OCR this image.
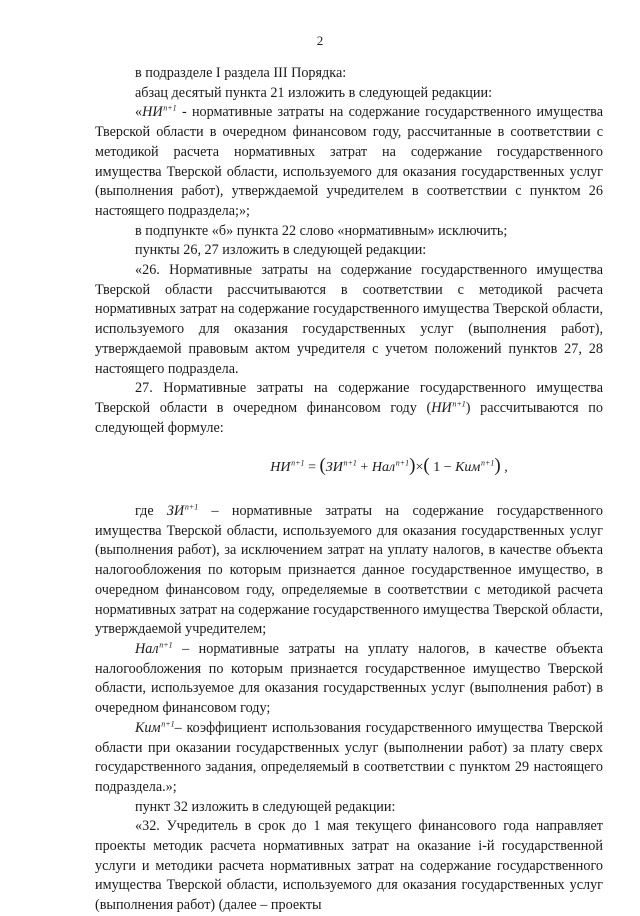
2

в подразделе I раздела III Порядка:

абзац десятый пункта 21 изложить в следующей редакции:

«НИ $^{n+1}$ - нормативные затраты на содержание государственного имущества Тверской области в очередном финансовом году, рассчитанные в соответствии с методикой расчета нормативных затрат на содержание государственного имущества Тверской области, используемого для оказания государственных услуг (выполнения работ), утверждаемой учредителем в соответствии с пунктом 26 настоящего подраздела;»;

в подпункте «б» пункта 22 слово «нормативным» исключить;

пункты 26, 27 изложить в следующей редакции:

«26. Нормативные затраты на содержание государственного имущества Тверской области рассчитываются в соответствии с методикой расчета нормативных затрат на содержание государственного имущества Тверской области, используемого для оказания государственных услуг (выполнения работ), утверждаемой правовым актом учредителя с учетом положений пунктов 27, 28 настоящего подраздела.

27. Нормативные затраты на содержание государственного имущества Тверской области в очередном финансовом году (НИ $^{n+1}$) рассчитываются по следующей формуле:

НИ $^{n+1}$ = (ЗИ $^{n+1}$ + Нал $^{n+1}$)×( 1 − Ким $^{n+1}$) ,

где ЗИ $^{n+1}$ – нормативные затраты на содержание государственного имущества Тверской области, используемого для оказания государственных услуг (выполнения работ), за исключением затрат на уплату налогов, в качестве объекта налогообложения по которым признается данное государственное имущество, в очередном финансовом году, определяемые в соответствии с методикой расчета нормативных затрат на содержание государственного имущества Тверской области, утверждаемой учредителем;

Нал $^{n+1}$ – нормативные затраты на уплату налогов, в качестве объекта налогообложения по которым признается государственное имущество Тверской области, используемое для оказания государственных услуг (выполнения работ) в очередном финансовом году;

Ким $^{n+1}$– коэффициент использования государственного имущества Тверской области при оказании государственных услуг (выполнении работ) за плату сверх государственного задания, определяемый в соответствии с пунктом 29 настоящего подраздела.»;

пункт 32 изложить в следующей редакции:

«32. Учредитель в срок до 1 мая текущего финансового года направляет проекты методик расчета нормативных затрат на оказание i-й государственной услуги и методики расчета нормативных затрат на содержание государственного имущества Тверской области, используемого для оказания государственных услуг (выполнения работ) (далее – проекты
